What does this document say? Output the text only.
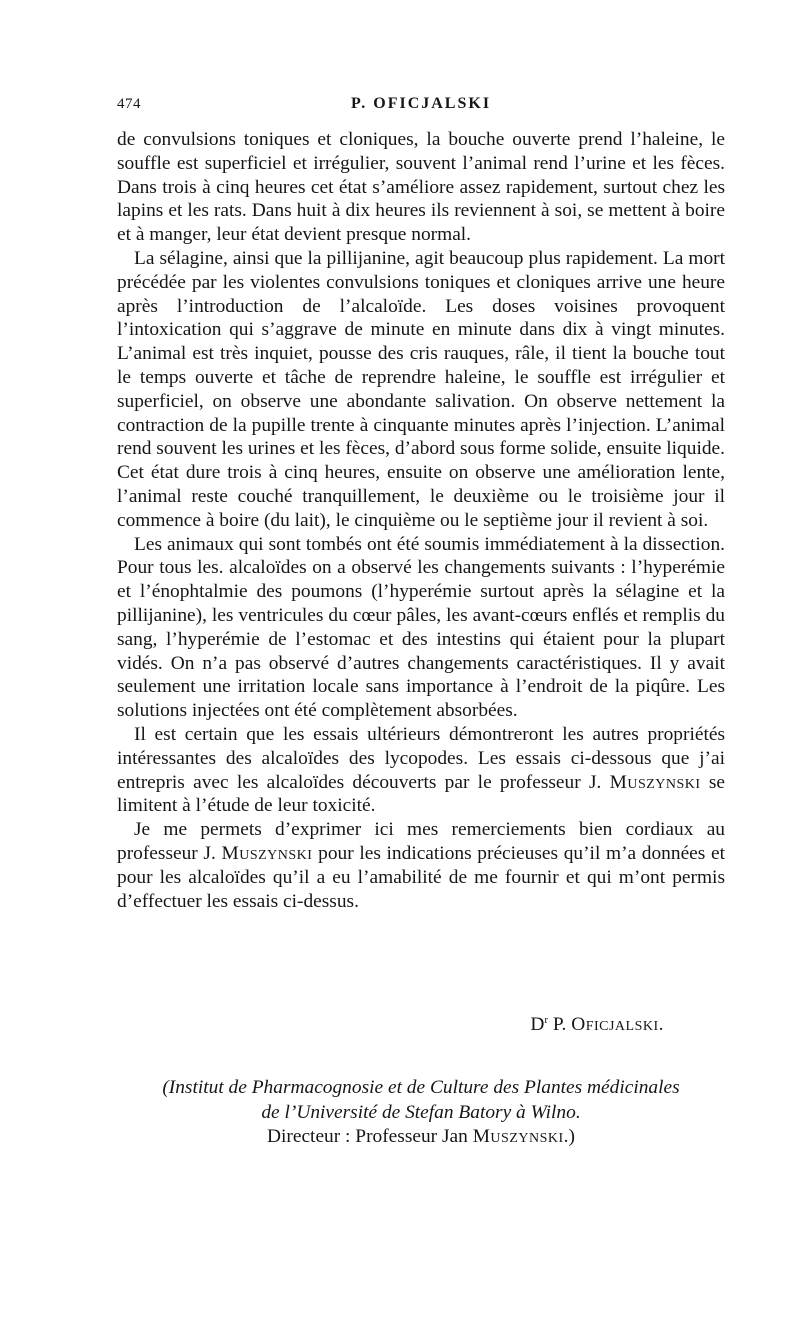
474	P. OFICJALSKI

de convulsions toniques et cloniques, la bouche ouverte prend l’haleine, le souffle est superficiel et irrégulier, souvent l’animal rend l’urine et les fèces. Dans trois à cinq heures cet état s’améliore assez rapidement, surtout chez les lapins et les rats. Dans huit à dix heures ils reviennent à soi, se mettent à boire et à manger, leur état devient presque normal.

La sélagine, ainsi que la pillijanine, agit beaucoup plus rapidement. La mort précédée par les violentes convulsions toniques et cloniques arrive une heure après l’introduction de l’alcaloïde. Les doses voisines provoquent l’intoxication qui s’aggrave de minute en minute dans dix à vingt minutes. L’animal est très inquiet, pousse des cris rauques, râle, il tient la bouche tout le temps ouverte et tâche de reprendre haleine, le souffle est irrégulier et superficiel, on observe une abondante salivation. On observe nettement la contraction de la pupille trente à cinquante minutes après l’injection. L’animal rend souvent les urines et les fèces, d’abord sous forme solide, ensuite liquide. Cet état dure trois à cinq heures, ensuite on observe une amélioration lente, l’animal reste couché tranquillement, le deuxième ou le troisième jour il commence à boire (du lait), le cinquième ou le septième jour il revient à soi.

Les animaux qui sont tombés ont été soumis immédiatement à la dissection. Pour tous les. alcaloïdes on a observé les changements suivants : l’hyperémie et l’énophtalmie des poumons (l’hyperémie surtout après la sélagine et la pillijanine), les ventricules du cœur pâles, les avant-cœurs enflés et remplis du sang, l’hyperémie de l’estomac et des intestins qui étaient pour la plupart vidés. On n’a pas observé d’autres changements caractéristiques. Il y avait seulement une irritation locale sans importance à l’endroit de la piqûre. Les solutions injectées ont été complètement absorbées.

Il est certain que les essais ultérieurs démontreront les autres propriétés intéressantes des alcaloïdes des lycopodes. Les essais ci-dessous que j’ai entrepris avec les alcaloïdes découverts par le professeur J. Muszynski se limitent à l’étude de leur toxicité.

Je me permets d’exprimer ici mes remerciements bien cordiaux au professeur J. Muszynski pour les indications précieuses qu’il m’a données et pour les alcaloïdes qu’il a eu l’amabilité de me fournir et qui m’ont permis d’effectuer les essais ci-dessus.

$D^r$ P. Oficjalski.
(Institut de Pharmacognosie et de Culture des Plantes médicinales
de l’Université de Stefan Batory à Wilno.
Directeur : Professeur Jan Muszynski.)
